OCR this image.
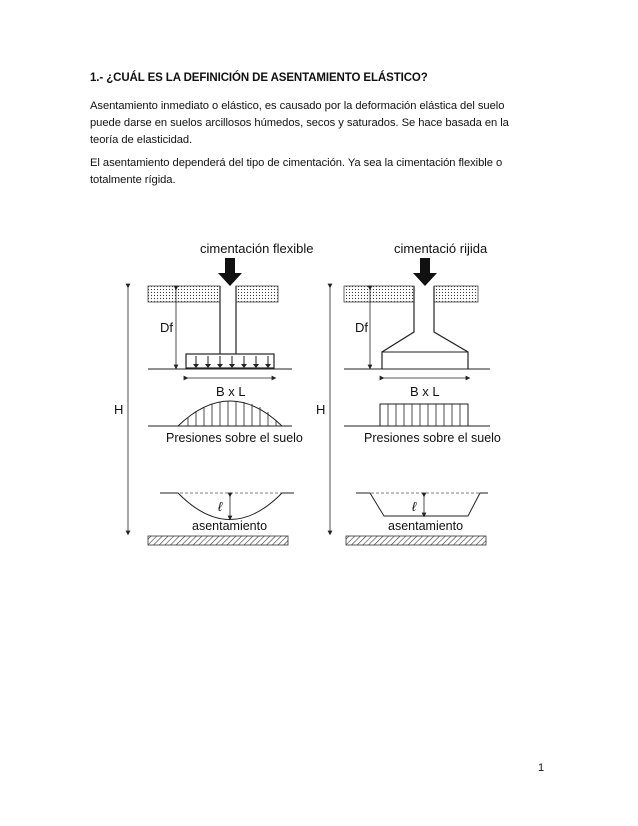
1.- ¿CUÁL ES LA DEFINICIÓN DE ASENTAMIENTO ELÁSTICO?
Asentamiento inmediato o elástico, es causado por la deformación elástica del suelo puede darse en suelos arcillosos húmedos, secos y saturados. Se hace basada en la teoría de elasticidad.
El asentamiento dependerá del tipo de cimentación. Ya sea la cimentación flexible o totalmente rígida.
cimentación flexible
Df
B x L
H
Presiones sobre el suelo
ℓ
asentamiento
cimentació rijida
Df
B x L
H
Presiones sobre el suelo
ℓ
asentamiento
1
